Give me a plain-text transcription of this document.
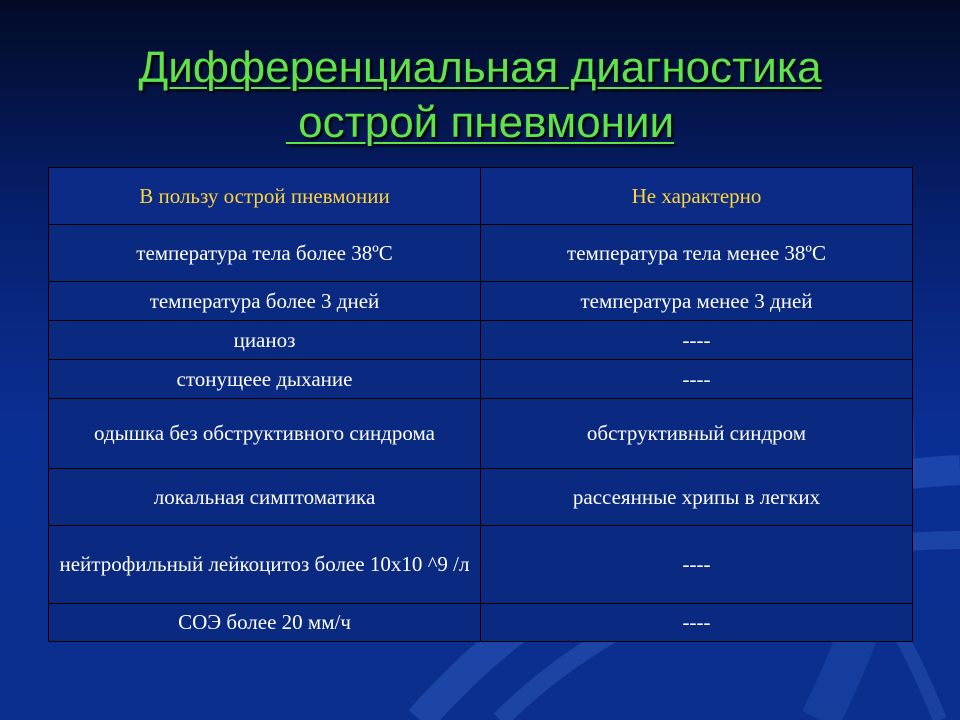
Дифференциальная диагностика
острой пневмонии
В пользу острой пневмонии	Не характерно
температура тела более 38ºС	температура тела менее 38ºС
температура более 3 дней	температура менее 3 дней
цианоз	----
стонущеее дыхание	----
одышка без обструктивного синдрома	обструктивный синдром
локальная симптоматика	рассеянные хрипы в легких
нейтрофильный лейкоцитоз более 10х10 ^9 /л	----
СОЭ более 20 мм/ч	----
